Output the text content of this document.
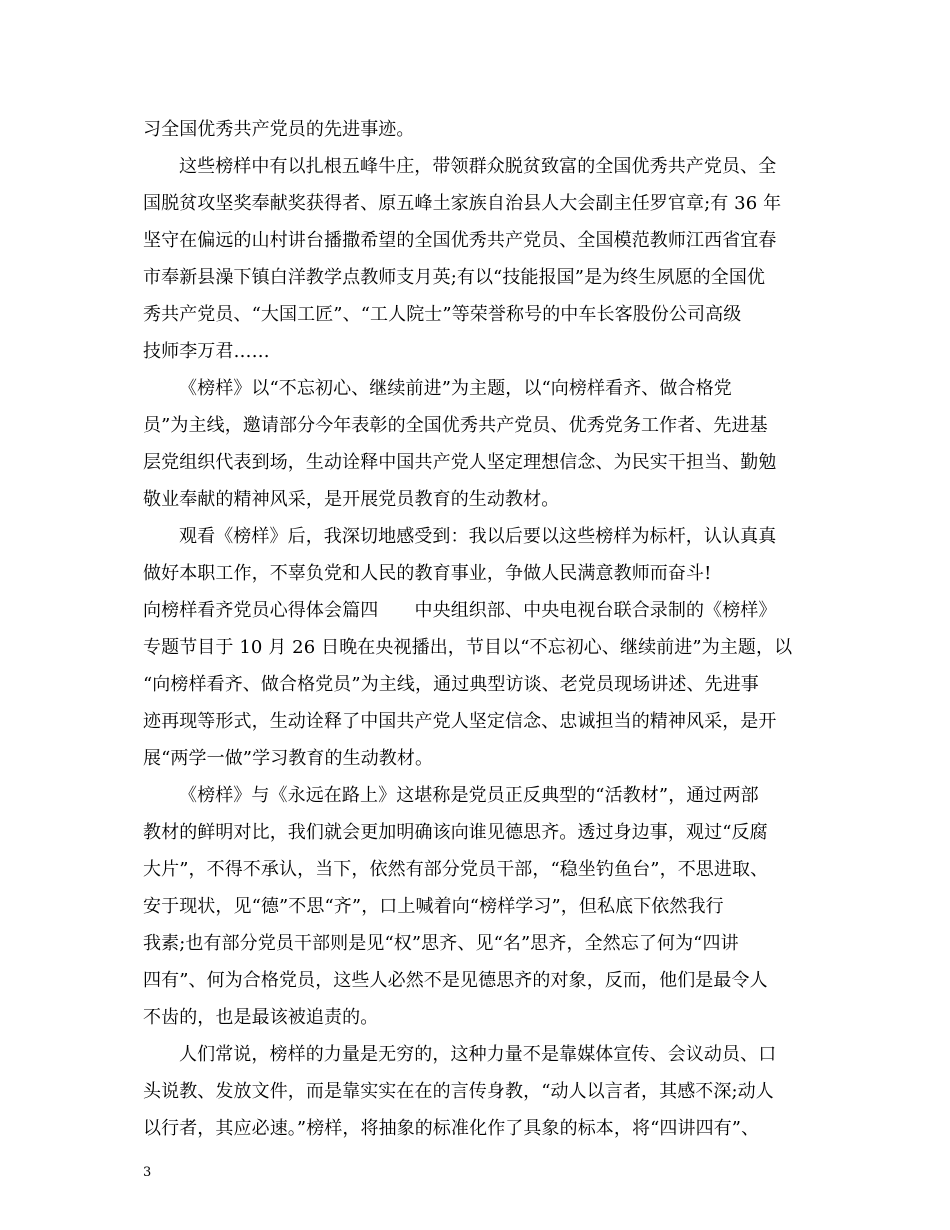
习全国优秀共产党员的先进事迹。
这些榜样中有以扎根五峰牛庄，带领群众脱贫致富的全国优秀共产党员、全
国脱贫攻坚奖奉献奖获得者、原五峰土家族自治县人大会副主任罗官章;有 36 年
坚守在偏远的山村讲台播撒希望的全国优秀共产党员、全国模范教师江西省宜春
市奉新县澡下镇白洋教学点教师支月英;有以“技能报国”是为终生夙愿的全国优
秀共产党员、“大国工匠”、“工人院士”等荣誉称号的中车长客股份公司高级
技师李万君……
《榜样》以“不忘初心、继续前进”为主题，以“向榜样看齐、做合格党
员”为主线，邀请部分今年表彰的全国优秀共产党员、优秀党务工作者、先进基
层党组织代表到场，生动诠释中国共产党人坚定理想信念、为民实干担当、勤勉
敬业奉献的精神风采，是开展党员教育的生动教材。
观看《榜样》后，我深切地感受到：我以后要以这些榜样为标杆，认认真真
做好本职工作，不辜负党和人民的教育事业，争做人民满意教师而奋斗!
向榜样看齐党员心得体会篇四　　中央组织部、中央电视台联合录制的《榜样》
专题节目于 10 月 26 日晚在央视播出，节目以“不忘初心、继续前进”为主题，以
“向榜样看齐、做合格党员”为主线，通过典型访谈、老党员现场讲述、先进事
迹再现等形式，生动诠释了中国共产党人坚定信念、忠诚担当的精神风采，是开
展“两学一做”学习教育的生动教材。
《榜样》与《永远在路上》这堪称是党员正反典型的“活教材”，通过两部
教材的鲜明对比，我们就会更加明确该向谁见德思齐。透过身边事，观过“反腐
大片”，不得不承认，当下，依然有部分党员干部，“稳坐钓鱼台”，不思进取、
安于现状，见“德”不思“齐”，口上喊着向“榜样学习”，但私底下依然我行
我素;也有部分党员干部则是见“权”思齐、见“名”思齐，全然忘了何为“四讲
四有”、何为合格党员，这些人必然不是见德思齐的对象，反而，他们是最令人
不齿的，也是最该被追责的。
人们常说，榜样的力量是无穷的，这种力量不是靠媒体宣传、会议动员、口
头说教、发放文件，而是靠实实在在的言传身教，“动人以言者，其感不深;动人
以行者，其应必速。”榜样，将抽象的标准化作了具象的标本，将“四讲四有”、
3
